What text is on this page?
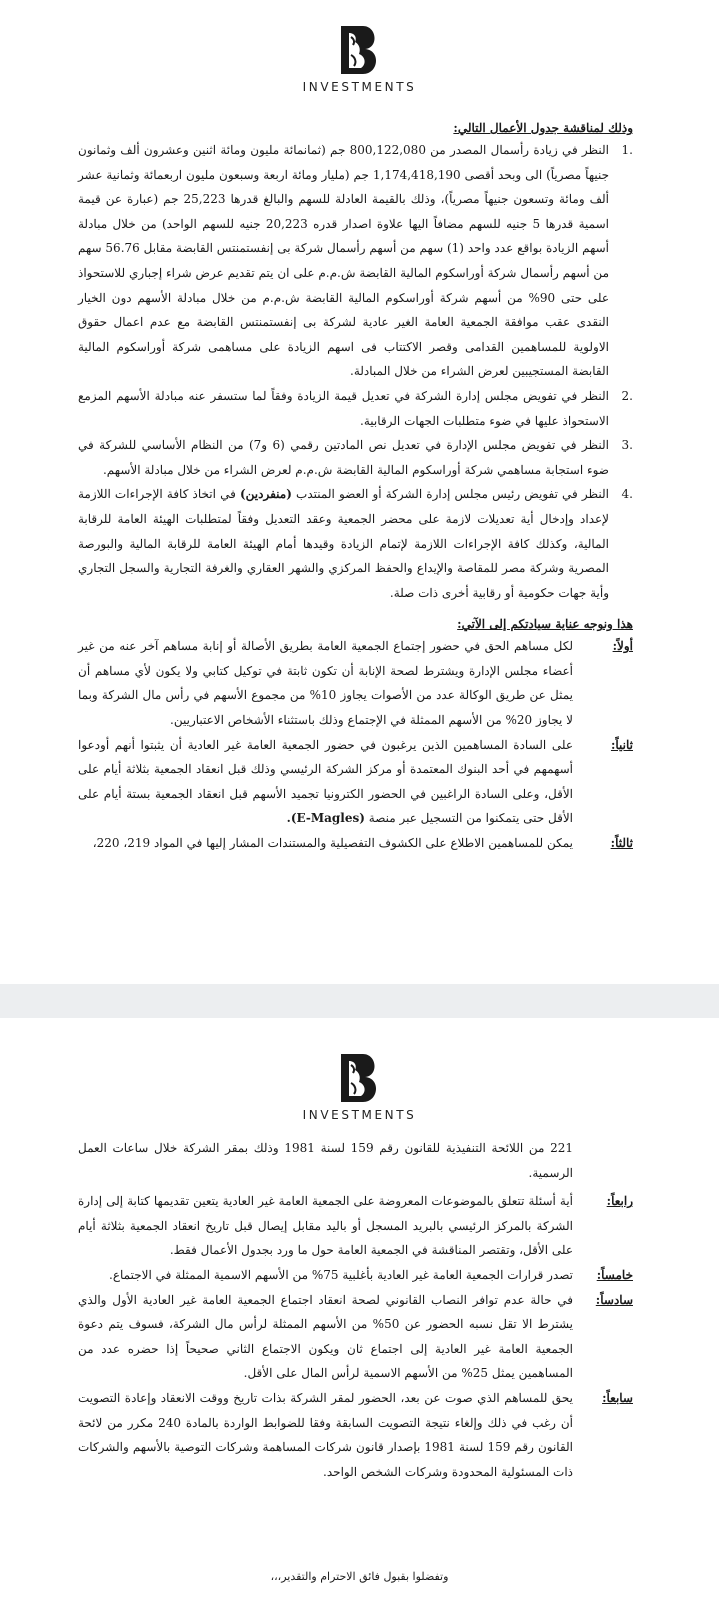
INVESTMENTS
وذلك لمناقشة جدول الأعمال التالي:
.1
النظر في زيادة رأسمال المصدر من 800,122,080 جم (ثمانمائة مليون ومائة اثنين وعشرون ألف وثمانون جنيهاً مصرياً) الى وبحد أقصى 1,174,418,190 جم (مليار ومائة اربعة وسبعون مليون اربعمائة وثمانية عشر ألف ومائة وتسعون جنيهاً مصرياً)، وذلك بالقيمة العادلة للسهم والبالغ قدرها 25,223 جم (عبارة عن قيمة اسمية قدرها 5 جنيه للسهم مضافاً اليها علاوة اصدار قدره 20,223 جنيه للسهم الواحد) من خلال مبادلة أسهم الزيادة بواقع عدد واحد (1) سهم من أسهم رأسمال شركة بى إنفستمنتس القابضة مقابل 56.76 سهم من أسهم رأسمال شركة أوراسكوم المالية القابضة ش.م.م على ان يتم تقديم عرض شراء إجباري للاستحواذ على حتى 90% من أسهم شركة أوراسكوم المالية القابضة ش.م.م من خلال مبادلة الأسهم دون الخيار النقدى عقب موافقة الجمعية العامة الغير عادية لشركة بى إنفستمنتس القابضة مع عدم اعمال حقوق الاولوية للمساهمين القدامى وقصر الاكتتاب فى اسهم الزيادة على مساهمى شركة أوراسكوم المالية القابضة المستجيبين لعرض الشراء من خلال المبادلة.
.2
النظر في تفويض مجلس إدارة الشركة في تعديل قيمة الزيادة وفقاً لما ستسفر عنه مبادلة الأسهم المزمع الاستحواذ عليها في ضوء متطلبات الجهات الرقابية.
.3
النظر في تفويض مجلس الإدارة في تعديل نص المادتين رقمي (6 و7) من النظام الأساسي للشركة في ضوء استجابة مساهمي شركة أوراسكوم المالية القابضة ش.م.م لعرض الشراء من خلال مبادلة الأسهم.
.4
النظر في تفويض رئيس مجلس إدارة الشركة أو العضو المنتدب (منفردين) في اتخاذ كافة الإجراءات اللازمة لإعداد وإدخال أية تعديلات لازمة على محضر الجمعية وعقد التعديل وفقاً لمتطلبات الهيئة العامة للرقابة المالية، وكذلك كافة الإجراءات اللازمة لإتمام الزيادة وقيدها أمام الهيئة العامة للرقابة المالية والبورصة المصرية وشركة مصر للمقاصة والإيداع والحفظ المركزي والشهر العقاري والغرفة التجارية والسجل التجاري وأية جهات حكومية أو رقابية أخرى ذات صلة.
هذا ونوجه عناية سيادتكم إلى الآتي:
أولاً:
لكل مساهم الحق في حضور إجتماع الجمعية العامة بطريق الأصالة أو إنابة مساهم آخر عنه من غير أعضاء مجلس الإدارة ويشترط لصحة الإنابة أن تكون ثابتة في توكيل كتابي ولا يكون لأي مساهم أن يمثل عن طريق الوكالة عدد من الأصوات يجاوز 10% من مجموع الأسهم في رأس مال الشركة وبما لا يجاوز 20% من الأسهم الممثلة في الإجتماع وذلك باستثناء الأشخاص الاعتباريين.
ثانياً:
على السادة المساهمين الذين يرغبون في حضور الجمعية العامة غير العادية أن يثبتوا أنهم أودعوا أسهمهم في أحد البنوك المعتمدة أو مركز الشركة الرئيسي وذلك قبل انعقاد الجمعية بثلاثة أيام على الأقل، وعلى السادة الراغبين في الحضور الكترونيا تجميد الأسهم قبل انعقاد الجمعية بستة أيام على الأقل حتى يتمكنوا من التسجيل عبر منصة (E-Magles).
ثالثاً:
يمكن للمساهمين الاطلاع على الكشوف التفصيلية والمستندات المشار إليها في المواد 219، 220،
INVESTMENTS
221 من اللائحة التنفيذية للقانون رقم 159 لسنة 1981 وذلك بمقر الشركة خلال ساعات العمل الرسمية.
رابعاً:
أية أسئلة تتعلق بالموضوعات المعروضة على الجمعية العامة غير العادية يتعين تقديمها كتابة إلى إدارة الشركة بالمركز الرئيسي بالبريد المسجل أو باليد مقابل إيصال قبل تاريخ انعقاد الجمعية بثلاثة أيام على الأقل، وتقتصر المناقشة في الجمعية العامة حول ما ورد بجدول الأعمال فقط.
خامساً:
تصدر قرارات الجمعية العامة غير العادية بأغلبية 75% من الأسهم الاسمية الممثلة في الاجتماع.
سادساً:
في حالة عدم توافر النصاب القانوني لصحة انعقاد اجتماع الجمعية العامة غير العادية الأول والذي يشترط الا تقل نسبه الحضور عن 50% من الأسهم الممثلة لرأس مال الشركة، فسوف يتم دعوة الجمعية العامة غير العادية إلى اجتماع ثان ويكون الاجتماع الثاني صحيحاً إذا حضره عدد من المساهمين يمثل 25% من الأسهم الاسمية لرأس المال على الأقل.
سابعاً:
يحق للمساهم الذي صوت عن بعد، الحضور لمقر الشركة بذات تاريخ ووقت الانعقاد وإعادة التصويت أن رغب في ذلك وإلغاء نتيجة التصويت السابقة وفقا للضوابط الواردة بالمادة 240 مكرر من لائحة القانون رقم 159 لسنة 1981 بإصدار قانون شركات المساهمة وشركات التوصية بالأسهم والشركات ذات المسئولية المحدودة وشركات الشخص الواحد.
وتفضلوا بقبول فائق الاحترام والتقدير،،،
